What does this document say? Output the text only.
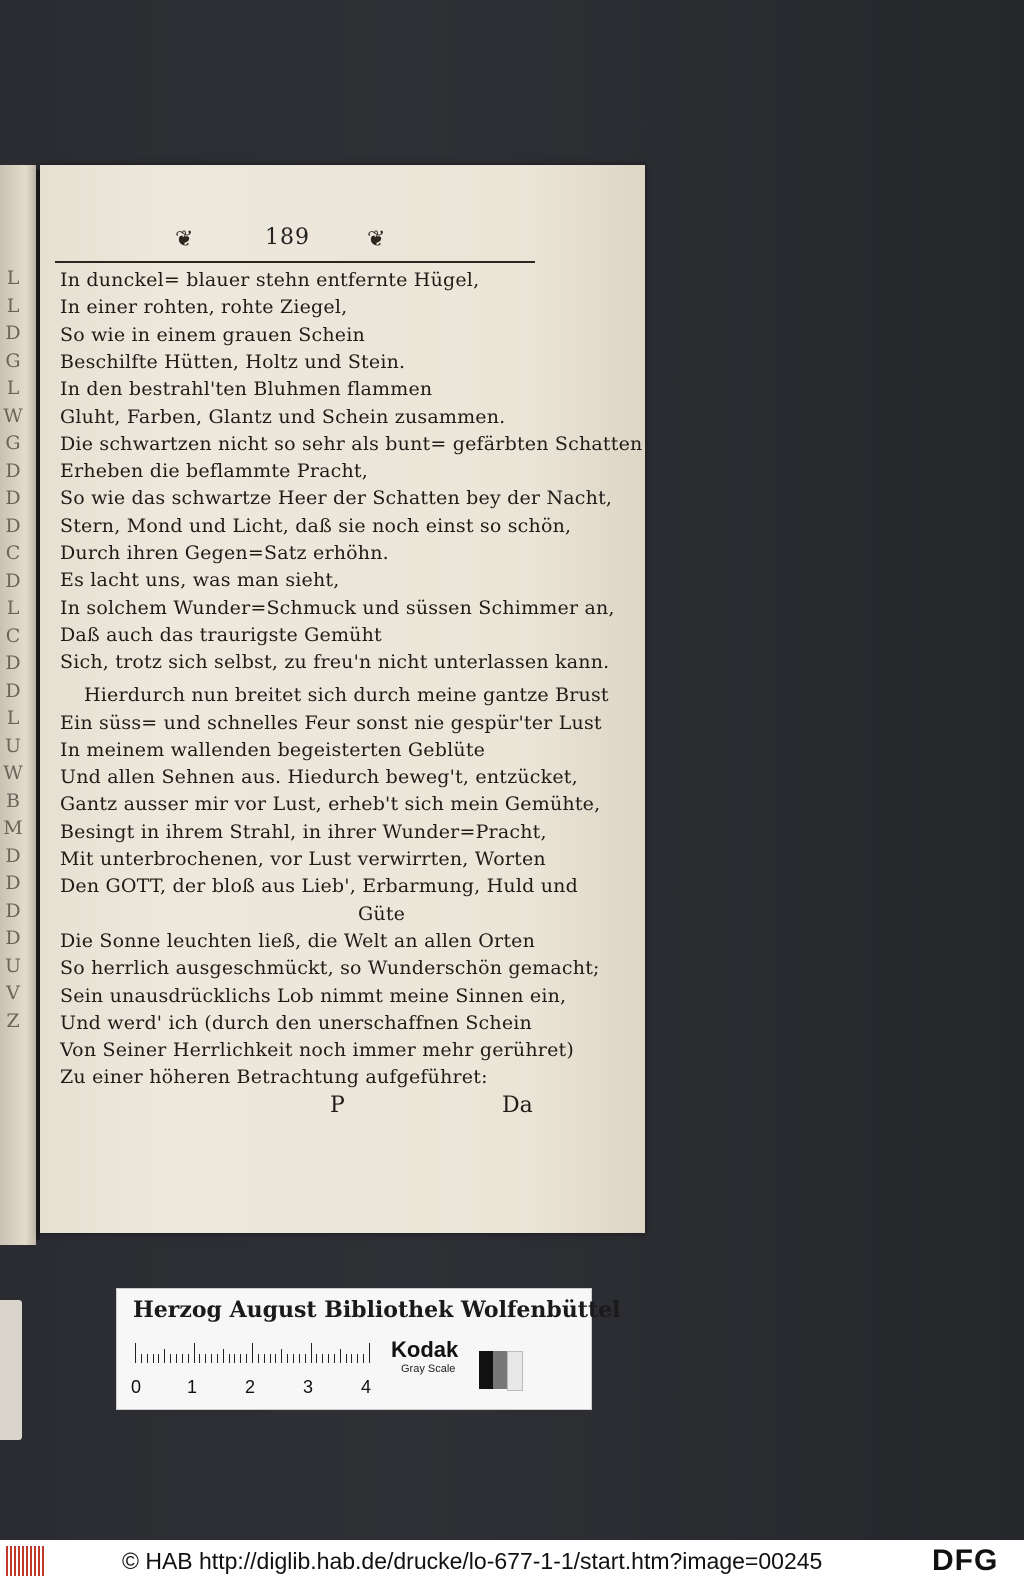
L
L
D
G
L
W
G
D
D
D
C
D
L
C
D
D
L
U
W
B
M
D
D
D
D
U
V
Z
❦	189	❦
In dunckel= blauer stehn entfernte Hügel,
In einer rohten, rohte Ziegel,
So wie in einem grauen Schein
Beschilfte Hütten, Holtz und Stein.
In den bestrahl'ten Bluhmen flammen
Gluht, Farben, Glantz und Schein zusammen.
Die schwartzen nicht so sehr als bunt= gefärbten Schatten
Erheben die beflammte Pracht,
So wie das schwartze Heer der Schatten bey der Nacht,
Stern, Mond und Licht, daß sie noch einst so schön,
Durch ihren Gegen=Satz erhöhn.
Es lacht uns, was man sieht,
In solchem Wunder=Schmuck und süssen Schimmer an,
Daß auch das traurigste Gemüht
Sich, trotz sich selbst, zu freu'n nicht unterlassen kann.
Hierdurch nun breitet sich durch meine gantze Brust
Ein süss= und schnelles Feur sonst nie gespür'ter Lust
In meinem wallenden begeisterten Geblüte
Und allen Sehnen aus. Hiedurch beweg't, entzücket,
Gantz ausser mir vor Lust, erheb't sich mein Gemühte,
Besingt in ihrem Strahl, in ihrer Wunder=Pracht,
Mit unterbrochenen, vor Lust verwirrten, Worten
Den GOTT, der bloß aus Lieb', Erbarmung, Huld und
Güte
Die Sonne leuchten ließ, die Welt an allen Orten
So herrlich ausgeschmückt, so Wunderschön gemacht;
Sein unausdrücklichs Lob nimmt meine Sinnen ein,
Und werd' ich (durch den unerschaffnen Schein
Von Seiner Herrlichkeit noch immer mehr gerühret)
Zu einer höheren Betrachtung aufgeführet:
P	Da
Herzog August Bibliothek Wolfenbüttel
0	1	2	3	4
Kodak
Gray Scale
© HAB http://diglib.hab.de/drucke/lo-677-1-1/start.htm?image=00245	DFG
